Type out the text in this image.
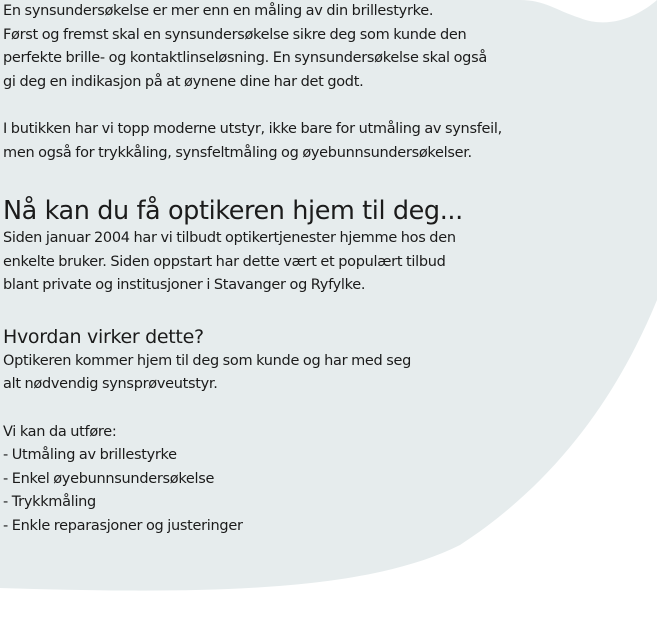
En synsundersøkelse er mer enn en måling av din brillestyrke.
Først og fremst skal en synsundersøkelse sikre deg som kunde den
perfekte brille- og kontaktlinseløsning. En synsundersøkelse skal også
gi deg en indikasjon på at øynene dine har det godt.

I butikken har vi topp moderne utstyr, ikke bare for utmåling av synsfeil,
men også for trykkåling, synsfeltmåling og øyebunnsundersøkelser.

Nå kan du få optikeren hjem til deg...

Siden januar 2004 har vi tilbudt optikertjenester hjemme hos den
enkelte bruker. Siden oppstart har dette vært et populært tilbud
blant private og institusjoner i Stavanger og Ryfylke.

Hvordan virker dette?

Optikeren kommer hjem til deg som kunde og har med seg
alt nødvendig synsprøveutstyr.

Vi kan da utføre:
- Utmåling av brillestyrke
- Enkel øyebunnsundersøkelse
- Trykkmåling
- Enkle reparasjoner og justeringer
